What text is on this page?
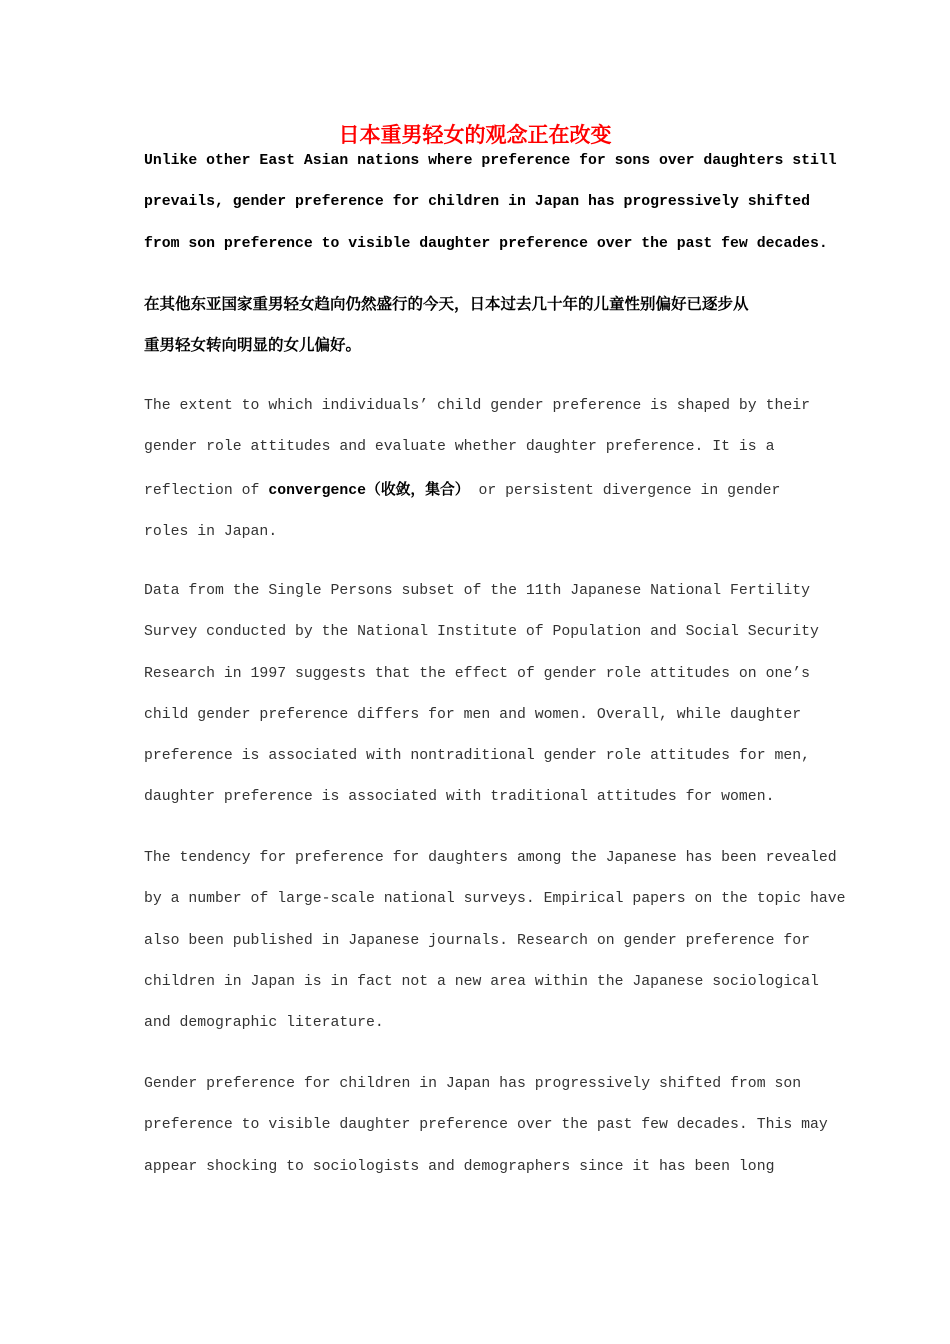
日本重男轻女的观念正在改变
Unlike other East Asian nations where preference for sons over daughters still
prevails, gender preference for children in Japan has progressively shifted
from son preference to visible daughter preference over the past few decades.
在其他东亚国家重男轻女趋向仍然盛行的今天，日本过去几十年的儿童性别偏好已逐步从
重男轻女转向明显的女儿偏好。
The extent to which individuals’ child gender preference is shaped by their
gender role attitudes and evaluate whether daughter preference. It is a
reflection of convergence（收敛，集合） or persistent divergence in gender
roles in Japan.
Data from the Single Persons subset of the 11th Japanese National Fertility
Survey conducted by the National Institute of Population and Social Security
Research in 1997 suggests that the effect of gender role attitudes on one’s
child gender preference differs for men and women. Overall, while daughter
preference is associated with nontraditional gender role attitudes for men,
daughter preference is associated with traditional attitudes for women.
The tendency for preference for daughters among the Japanese has been revealed
by a number of large-scale national surveys. Empirical papers on the topic have
also been published in Japanese journals. Research on gender preference for
children in Japan is in fact not a new area within the Japanese sociological
and demographic literature.
Gender preference for children in Japan has progressively shifted from son
preference to visible daughter preference over the past few decades. This may
appear shocking to sociologists and demographers since it has been long
